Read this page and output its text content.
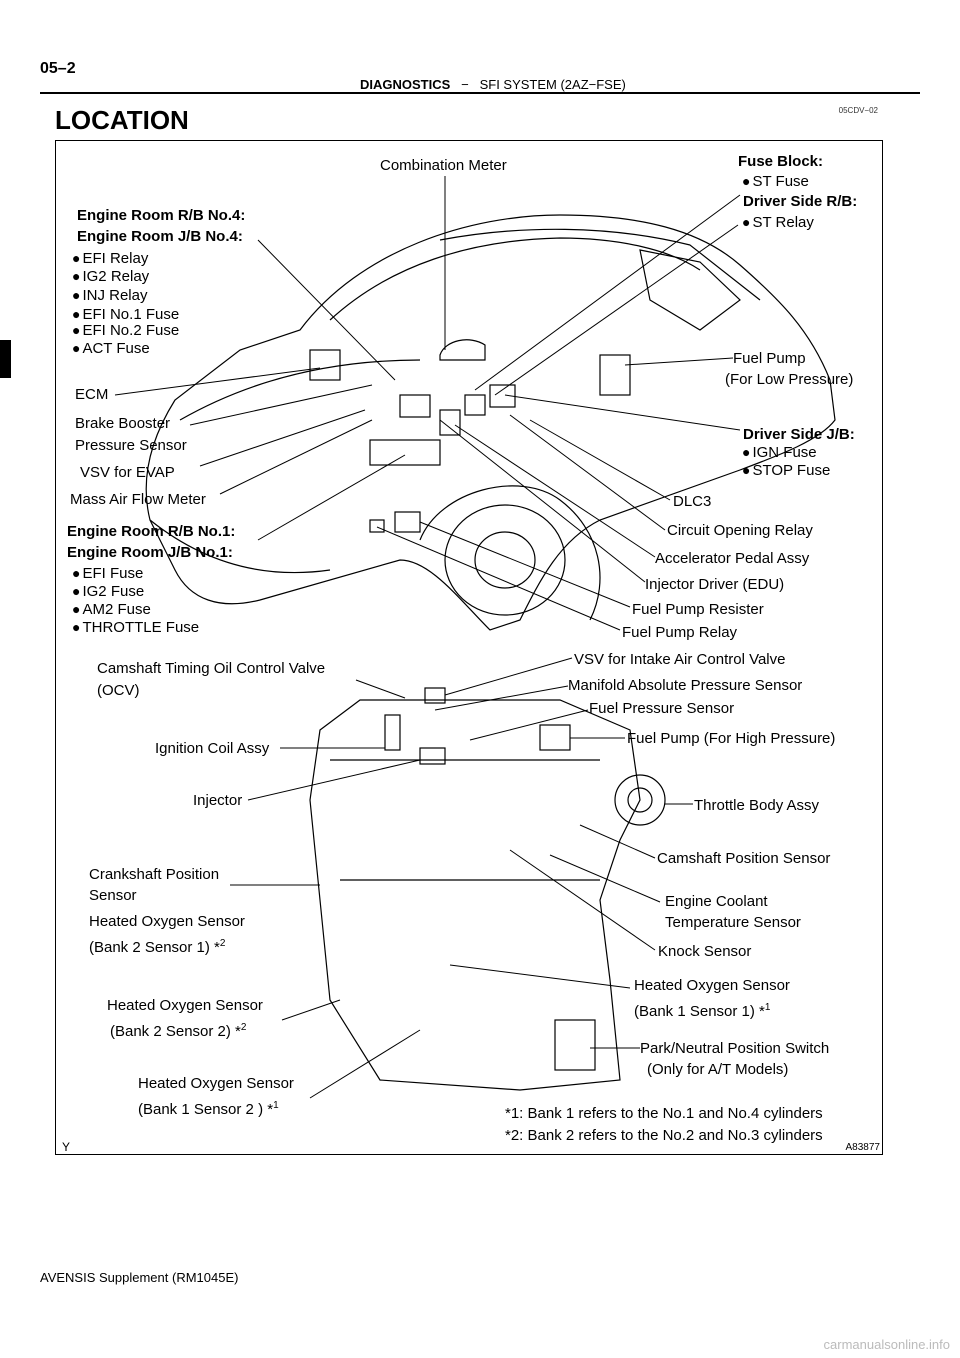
05–2
DIAGNOSTICS − SFI SYSTEM (2AZ−FSE)
LOCATION	05CDV−02
Combination Meter	Fuse Block:
● ST Fuse
Driver Side R/B:
● ST Relay
Engine Room R/B No.4:
Engine Room J/B No.4:
● EFI Relay
● IG2 Relay
● INJ Relay
● EFI No.1 Fuse
● EFI No.2 Fuse
● ACT Fuse
ECM
Brake Booster
Pressure Sensor
VSV for EVAP
Mass Air Flow Meter
Engine Room R/B No.1:
Engine Room J/B No.1:
● EFI Fuse
● IG2 Fuse
● AM2 Fuse
● THROTTLE Fuse
Fuel Pump
(For Low Pressure)
Driver Side J/B:
● IGN Fuse
● STOP Fuse
DLC3
Circuit Opening Relay
Accelerator Pedal Assy
Injector Driver (EDU)
Fuel Pump Resister
Fuel Pump Relay
Camshaft Timing Oil Control Valve
(OCV)
VSV for Intake Air Control Valve
Manifold Absolute Pressure Sensor
Fuel Pressure Sensor
Ignition Coil Assy
Fuel Pump (For High Pressure)
Injector	Throttle Body Assy
Camshaft Position Sensor
Crankshaft Position
Sensor	Engine Coolant
Temperature Sensor
Heated Oxygen Sensor
(Bank 2 Sensor 1) *$^2$	Knock Sensor
Heated Oxygen Sensor
(Bank 1 Sensor 1) *$^1$
Heated Oxygen Sensor
(Bank 2 Sensor 2) *$^2$
Park/Neutral Position Switch
(Only for A/T Models)
Heated Oxygen Sensor
(Bank 1 Sensor 2 ) *$^1$	*1: Bank 1 refers to the No.1 and No.4 cylinders
*2: Bank 2 refers to the No.2 and No.3 cylinders
Y	A83877
AVENSIS Supplement (RM1045E)
carmanualsonline.info
